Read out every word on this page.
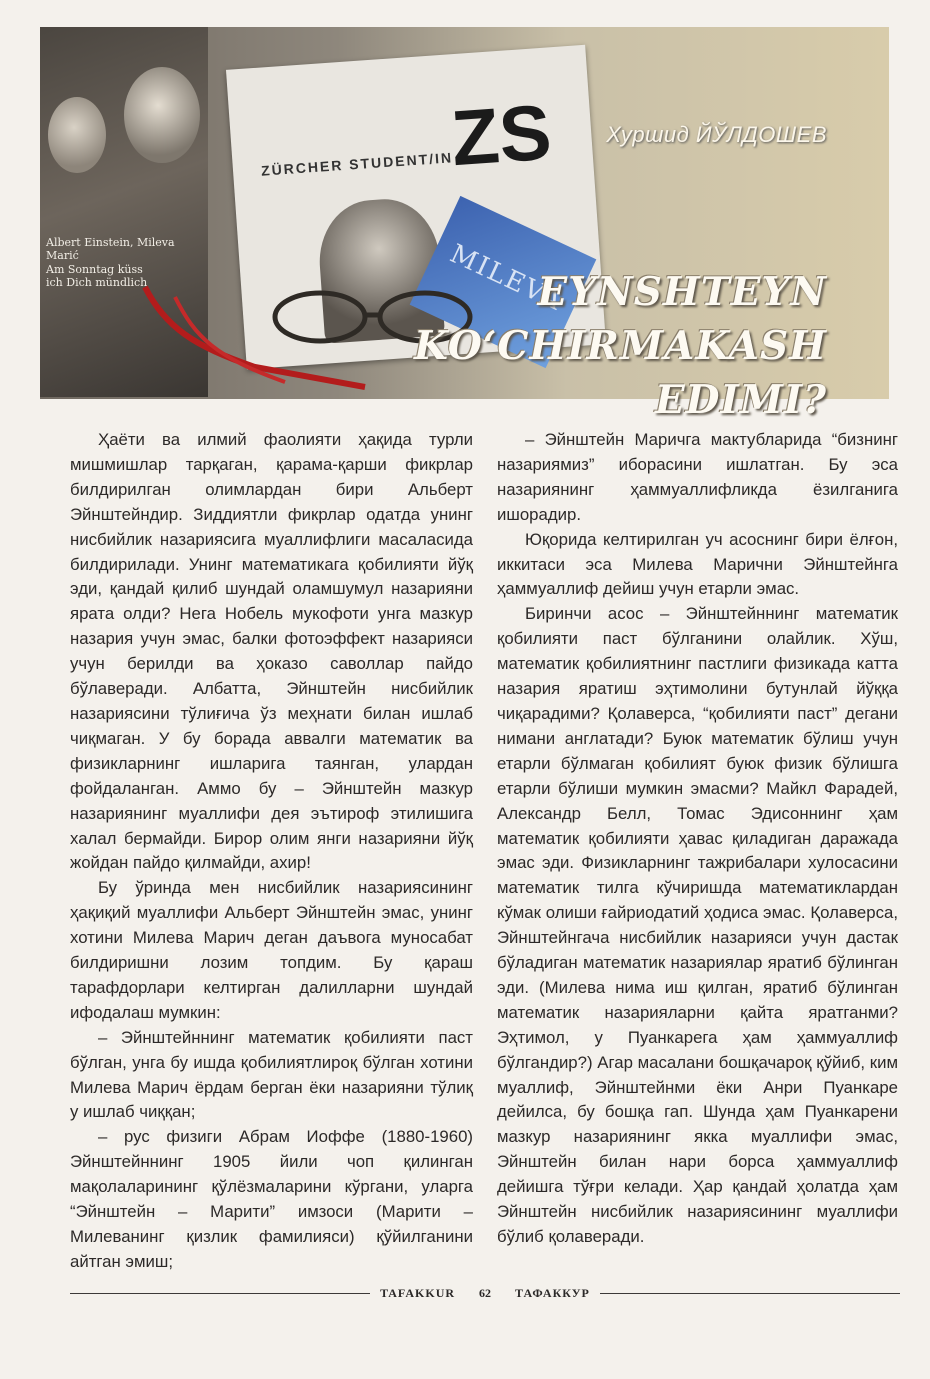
Albert Einstein, Mileva Marić
Am Sonntag küss
ich Dich mündlich
ZÜRCHER STUDENT/IN
ZS
MILEVA
Хуршид ЙЎЛДОШЕВ
EYNSHTEYN
KO‘CHIRMAKASH
EDIMI?

Ҳаёти ва илмий фаолияти ҳақида турли мишмишлар тарқаган, қарама-қарши фикрлар билдирилган олимлардан бири Альберт Эйнштейндир. Зиддиятли фикрлар одатда унинг нисбийлик назариясига муаллифлиги масаласида билдирилади. Унинг математикага қобилияти йўқ эди, қандай қилиб шундай оламшумул назарияни ярата олди? Нега Нобель мукофоти унга мазкур назария учун эмас, балки фотоэффект назарияси учун берилди ва ҳоказо саволлар пайдо бўлаверади. Албатта, Эйнштейн нисбийлик назариясини тўлиғича ўз меҳнати билан ишлаб чиқмаган. У бу борада аввалги математик ва физикларнинг ишларига таянган, улардан фойдаланган. Аммо бу – Эйнштейн мазкур назариянинг муаллифи дея эътироф этилишига халал бермайди. Бирор олим янги назарияни йўқ жойдан пайдо қилмайди, ахир!

Бу ўринда мен нисбийлик назариясининг ҳақиқий муаллифи Альберт Эйнштейн эмас, унинг хотини Милева Марич деган даъвога муносабат билдиришни лозим топдим. Бу қараш тарафдорлари келтирган далилларни шундай ифодалаш мумкин:

– Эйнштейннинг математик қобилияти паст бўлган, унга бу ишда қобилиятлироқ бўлган хотини Милева Марич ёрдам берган ёки назарияни тўлиқ у ишлаб чиққан;

– рус физиги Абрам Иоффе (1880-1960) Эйнштейннинг 1905 йили чоп қилинган мақолаларининг қўлёзмаларини кўргани, уларга “Эйнштейн – Марити” имзоси (Марити – Милеванинг қизлик фамилияси) қўйилганини айтган эмиш;

– Эйнштейн Маричга мактубларида “бизнинг назариямиз” иборасини ишлатган. Бу эса назариянинг ҳаммуаллифликда ёзилганига ишорадир.

Юқорида келтирилган уч асоснинг бири ёлғон, иккитаси эса Милева Марични Эйнштейнга ҳаммуаллиф дейиш учун етарли эмас.

Биринчи асос – Эйнштейннинг математик қобилияти паст бўлганини олайлик. Хўш, математик қобилиятнинг пастлиги физикада катта назария яратиш эҳтимолини бутунлай йўққа чиқарадими? Қолаверса, “қобилияти паст” дегани нимани англатади? Буюк математик бўлиш учун етарли бўлмаган қобилият буюк физик бўлишга етарли бўлиши мумкин эмасми? Майкл Фарадей, Александр Белл, Томас Эдисоннинг ҳам математик қобилияти ҳавас қиладиган даражада эмас эди. Физикларнинг тажрибалари хулосасини математик тилга кўчиришда математиклардан кўмак олиши ғайриодатий ҳодиса эмас. Қолаверса, Эйнштейнгача нисбийлик назарияси учун дастак бўладиган математик назариялар яратиб бўлинган эди. (Милева нима иш қилган, яратиб бўлинган математик назарияларни қайта яратганми? Эҳтимол, у Пуанкарега ҳам ҳаммуаллиф бўлгандир?) Агар масалани бошқачароқ қўйиб, ким муаллиф, Эйнштейнми ёки Анри Пуанкаре дейилса, бу бошқа гап. Шунда ҳам Пуанкарени мазкур назариянинг якка муаллифи эмас, Эйнштейн билан нари борса ҳаммуаллиф дейишга тўғри келади. Ҳар қандай ҳолатда ҳам Эйнштейн нисбийлик назариясининг муаллифи бўлиб қолаверади.

TAFAKKUR	62	ТАФАККУР
